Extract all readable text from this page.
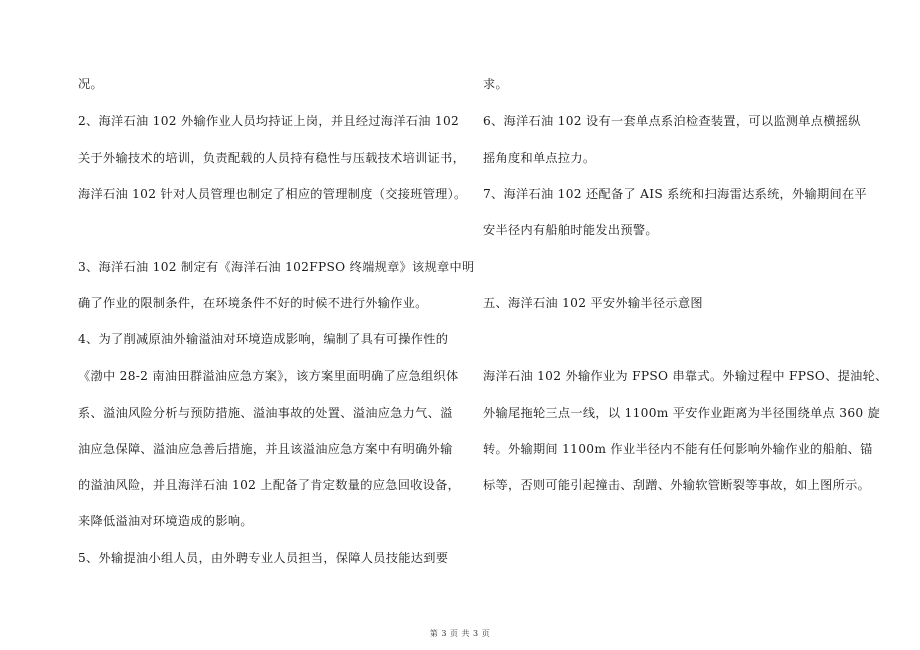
况。
2、海洋石油 102 外输作业人员均持证上岗，并且经过海洋石油 102
关于外输技术的培训，负责配载的人员持有稳性与压载技术培训证书，
海洋石油 102 针对人员管理也制定了相应的管理制度（交接班管理）。
3、海洋石油 102 制定有《海洋石油 102FPSO 终端规章》该规章中明
确了作业的限制条件，在环境条件不好的时候不进行外输作业。
4、为了削减原油外输溢油对环境造成影响，编制了具有可操作性的
《渤中 28-2 南油田群溢油应急方案》，该方案里面明确了应急组织体
系、溢油风险分析与预防措施、溢油事故的处置、溢油应急力气、溢
油应急保障、溢油应急善后措施，并且该溢油应急方案中有明确外输
的溢油风险，并且海洋石油 102 上配备了肯定数量的应急回收设备，
来降低溢油对环境造成的影响。
5、外输提油小组人员，由外聘专业人员担当，保障人员技能达到要
求。
6、海洋石油 102 设有一套单点系泊检查装置，可以监测单点横摇纵
摇角度和单点拉力。
7、海洋石油 102 还配备了 AIS 系统和扫海雷达系统，外输期间在平
安半径内有船舶时能发出预警。
五、海洋石油 102 平安外输半径示意图
海洋石油 102 外输作业为 FPSO 串靠式。外输过程中 FPSO、提油轮、
外输尾拖轮三点一线，以 1100m 平安作业距离为半径围绕单点 360 旋
转。外输期间 1100m 作业半径内不能有任何影响外输作业的船舶、锚
标等，否则可能引起撞击、刮蹭、外输软管断裂等事故，如上图所示。
第 3 页 共 3 页
